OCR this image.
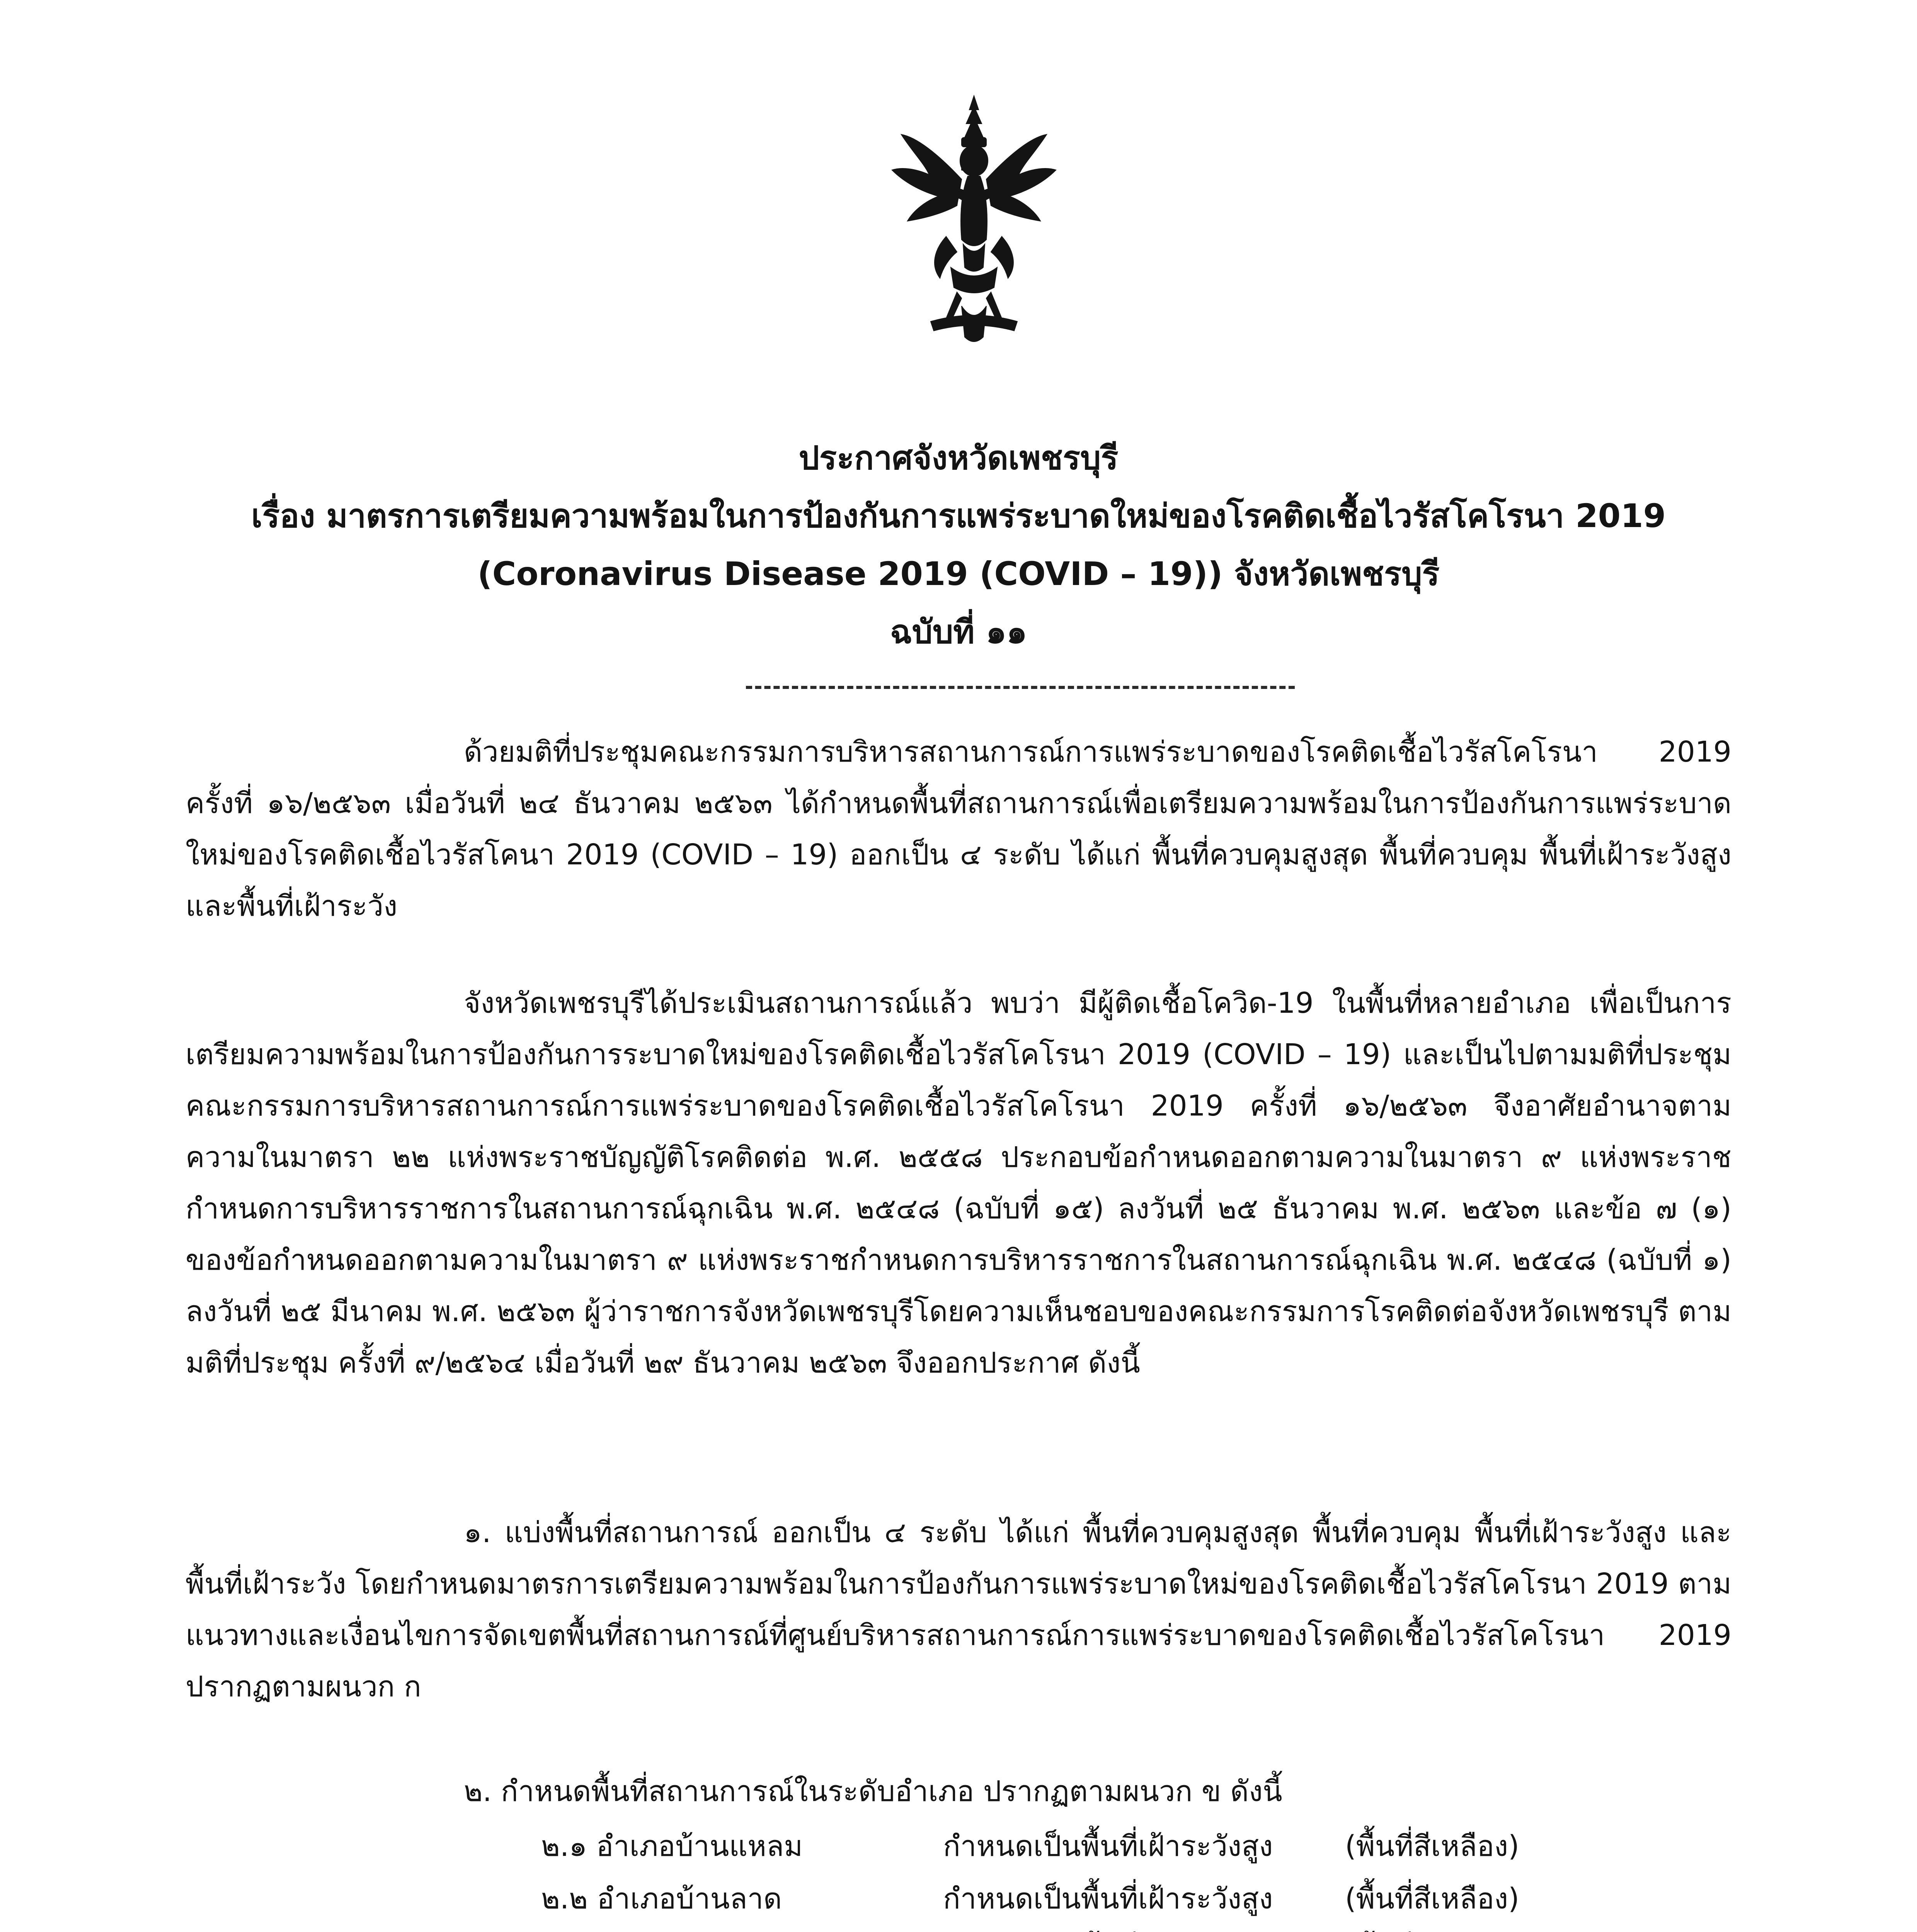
ประกาศจังหวัดเพชรบุรี
เรื่อง มาตรการเตรียมความพร้อมในการป้องกันการแพร่ระบาดใหม่ของโรคติดเชื้อไวรัสโคโรนา 2019
(Coronavirus Disease 2019 (COVID – 19)) จังหวัดเพชรบุรี
ฉบับที่ ๑๑

ด้วยมติที่ประชุมคณะกรรมการบริหารสถานการณ์การแพร่ระบาดของโรคติดเชื้อไวรัสโคโรนา 2019 ครั้งที่ ๑๖/๒๕๖๓ เมื่อวันที่ ๒๔ ธันวาคม ๒๕๖๓ ได้กำหนดพื้นที่สถานการณ์เพื่อเตรียมความพร้อมในการป้องกันการแพร่ระบาดใหม่ของโรคติดเชื้อไวรัสโคนา 2019 (COVID – 19) ออกเป็น ๔ ระดับ ได้แก่ พื้นที่ควบคุมสูงสุด พื้นที่ควบคุม พื้นที่เฝ้าระวังสูง และพื้นที่เฝ้าระวัง

จังหวัดเพชรบุรีได้ประเมินสถานการณ์แล้ว พบว่า มีผู้ติดเชื้อโควิด-19 ในพื้นที่หลายอำเภอ เพื่อเป็นการเตรียมความพร้อมในการป้องกันการระบาดใหม่ของโรคติดเชื้อไวรัสโคโรนา 2019 (COVID – 19) และเป็นไปตามมติที่ประชุมคณะกรรมการบริหารสถานการณ์การแพร่ระบาดของโรคติดเชื้อไวรัสโคโรนา 2019 ครั้งที่ ๑๖/๒๕๖๓ จึงอาศัยอำนาจตามความในมาตรา ๒๒ แห่งพระราชบัญญัติโรคติดต่อ พ.ศ. ๒๕๕๘ ประกอบข้อกำหนดออกตามความในมาตรา ๙ แห่งพระราชกำหนดการบริหารราชการในสถานการณ์ฉุกเฉิน พ.ศ. ๒๕๔๘ (ฉบับที่ ๑๕) ลงวันที่ ๒๕ ธันวาคม พ.ศ. ๒๕๖๓ และข้อ ๗ (๑) ของข้อกำหนดออกตามความในมาตรา ๙ แห่งพระราชกำหนดการบริหารราชการในสถานการณ์ฉุกเฉิน พ.ศ. ๒๕๔๘ (ฉบับที่ ๑) ลงวันที่ ๒๕ มีนาคม พ.ศ. ๒๕๖๓ ผู้ว่าราชการจังหวัดเพชรบุรีโดยความเห็นชอบของคณะกรรมการโรคติดต่อจังหวัดเพชรบุรี ตามมติที่ประชุม ครั้งที่ ๙/๒๕๖๔ เมื่อวันที่ ๒๙ ธันวาคม ๒๕๖๓ จึงออกประกาศ ดังนี้

๑. แบ่งพื้นที่สถานการณ์ ออกเป็น ๔ ระดับ ได้แก่ พื้นที่ควบคุมสูงสุด พื้นที่ควบคุม พื้นที่เฝ้าระวังสูง และพื้นที่เฝ้าระวัง โดยกำหนดมาตรการเตรียมความพร้อมในการป้องกันการแพร่ระบาดใหม่ของโรคติดเชื้อไวรัสโคโรนา 2019 ตามแนวทางและเงื่อนไขการจัดเขตพื้นที่สถานการณ์ที่ศูนย์บริหารสถานการณ์การแพร่ระบาดของโรคติดเชื้อไวรัสโคโรนา 2019 ปรากฏตามผนวก ก

๒. กำหนดพื้นที่สถานการณ์ในระดับอำเภอ ปรากฏตามผนวก ข ดังนี้

๒.๑ อำเภอบ้านแหลม	กำหนดเป็นพื้นที่เฝ้าระวังสูง	(พื้นที่สีเหลือง)
๒.๒ อำเภอบ้านลาด	กำหนดเป็นพื้นที่เฝ้าระวังสูง	(พื้นที่สีเหลือง)
